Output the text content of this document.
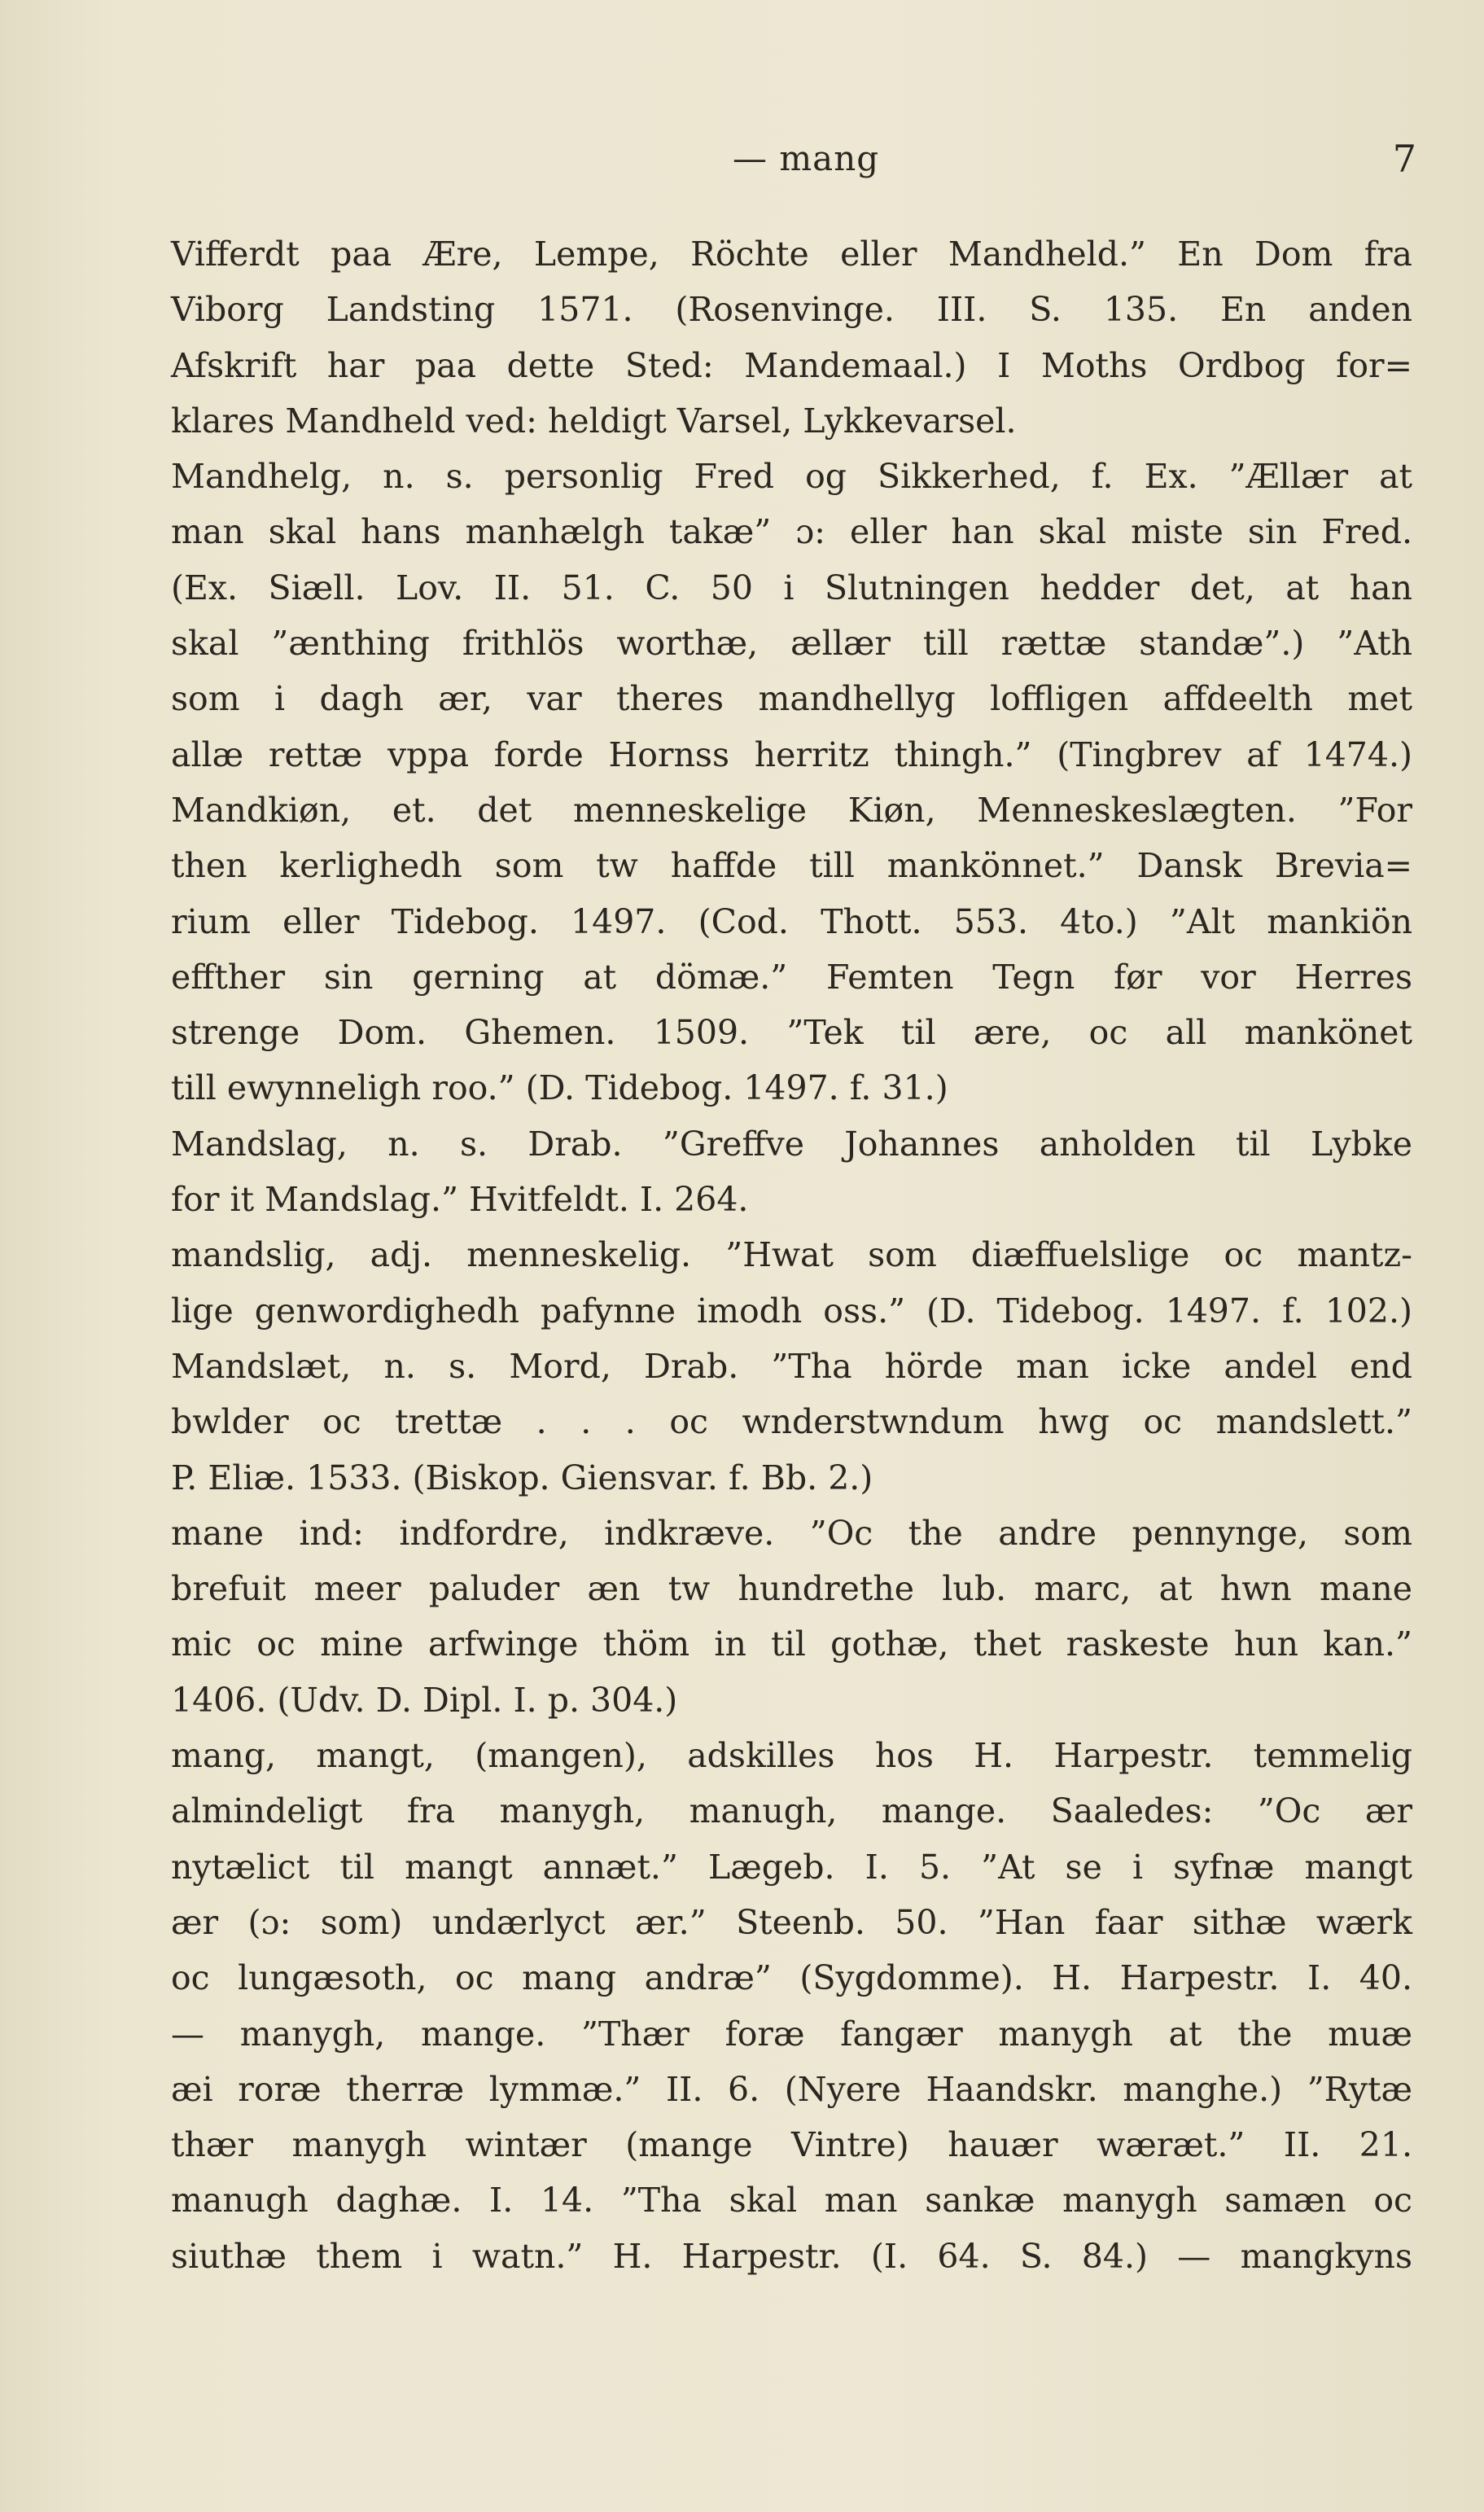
— mang	7
Vifferdt paa Ære, Lempe, Röchte eller Mandheld.” En Dom fra
Viborg Landsting 1571. (Rosenvinge. III. S. 135. En anden
Afskrift har paa dette Sted: Mandemaal.) I Moths Ordbog for=
klares Mandheld ved: heldigt Varsel, Lykkevarsel.
Mandhelg, n. s. personlig Fred og Sikkerhed, f. Ex. ”Ællær at
man skal hans manhælgh takæ” ɔ: eller han skal miste sin Fred.
(Ex. Siæll. Lov. II. 51. C. 50 i Slutningen hedder det, at han
skal ”ænthing frithlös worthæ, ællær till rættæ standæ”.) ”Ath
som i dagh ær, var theres mandhellyg loffligen affdeelth met
allæ rettæ vppa forde Hornss herritz thingh.” (Tingbrev af 1474.)
Mandkiøn, et. det menneskelige Kiøn, Menneskeslægten. ”For
then kerlighedh som tw haffde till mankönnet.” Dansk Brevia=
rium eller Tidebog. 1497. (Cod. Thott. 553. 4to.) ”Alt mankiön
effther sin gerning at dömæ.” Femten Tegn før vor Herres
strenge Dom. Ghemen. 1509. ”Tek til ære, oc all mankönet
till ewynneligh roo.” (D. Tidebog. 1497. f. 31.)
Mandslag, n. s. Drab. ”Greffve Johannes anholden til Lybke
for it Mandslag.” Hvitfeldt. I. 264.
mandslig, adj. menneskelig. ”Hwat som diæffuelslige oc mantz-
lige genwordighedh pafynne imodh oss.” (D. Tidebog. 1497. f. 102.)
Mandslæt, n. s. Mord, Drab. ”Tha hörde man icke andel end
bwlder oc trettæ . . . oc wnderstwndum hwg oc mandslett.”
P. Eliæ. 1533. (Biskop. Giensvar. f. Bb. 2.)
mane ind: indfordre, indkræve. ”Oc the andre pennynge, som
brefuit meer paluder æn tw hundrethe lub. marc, at hwn mane
mic oc mine arfwinge thöm in til gothæ, thet raskeste hun kan.”
1406. (Udv. D. Dipl. I. p. 304.)
mang, mangt, (mangen), adskilles hos H. Harpestr. temmelig
almindeligt fra manygh, manugh, mange. Saaledes: ”Oc ær
nytælict til mangt annæt.” Lægeb. I. 5. ”At se i syfnæ mangt
ær (ɔ: som) undærlyct ær.” Steenb. 50. ”Han faar sithæ wærk
oc lungæsoth, oc mang andræ” (Sygdomme). H. Harpestr. I. 40.
— manygh, mange. ”Thær foræ fangær manygh at the muæ
æi roræ therræ lymmæ.” II. 6. (Nyere Haandskr. manghe.) ”Rytæ
thær manygh wintær (mange Vintre) hauær wæræt.” II. 21.
manugh daghæ. I. 14. ”Tha skal man sankæ manygh samæn oc
siuthæ them i watn.” H. Harpestr. (I. 64. S. 84.) — mangkyns
